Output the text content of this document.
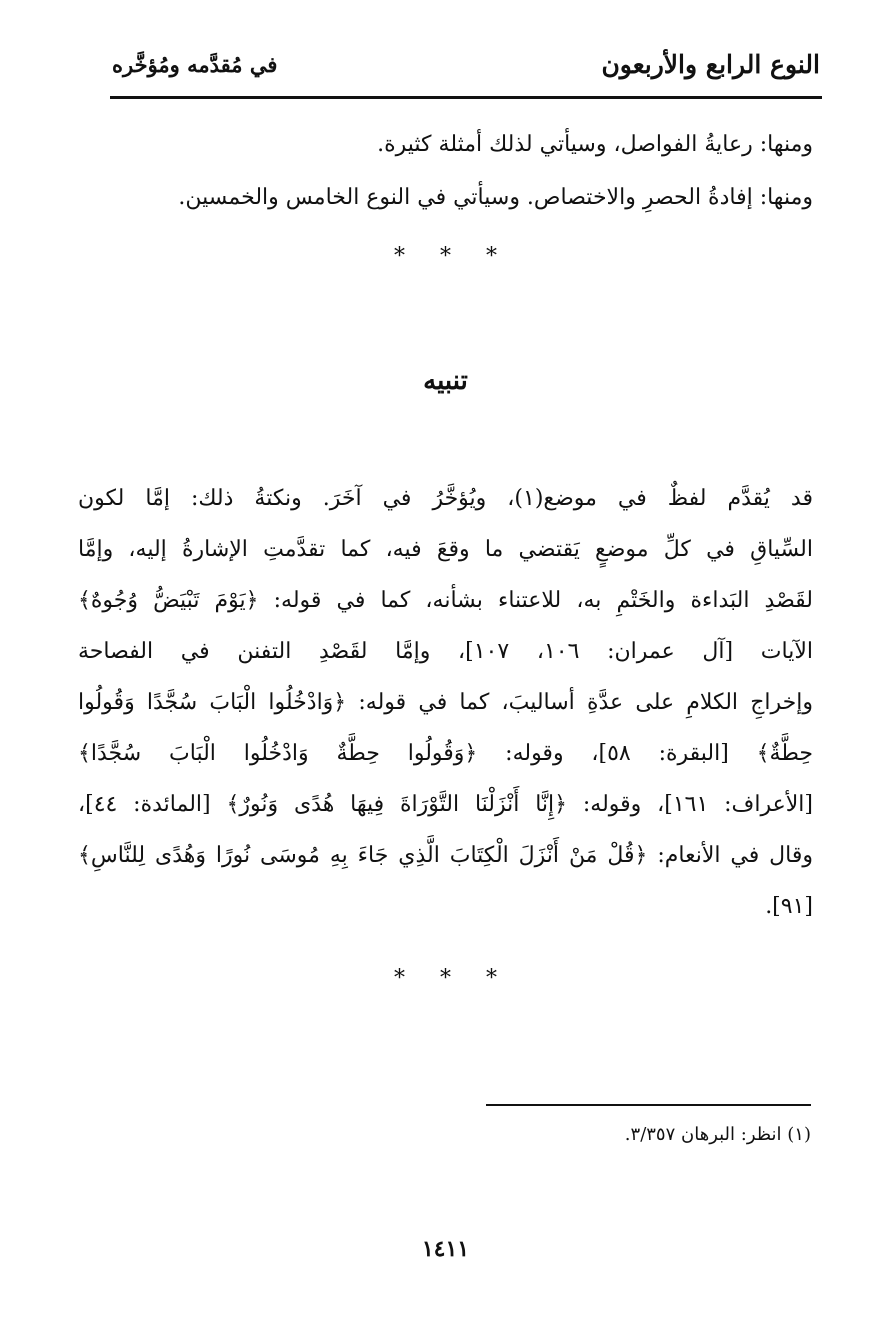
النوع الرابع والأربعون
في مُقدَّمه ومُؤخَّره
ومنها: رعايةُ الفواصل، وسيأتي لذلك أمثلة كثيرة.
ومنها: إفادةُ الحصرِ والاختصاص. وسيأتي في النوع الخامس والخمسين.
* * *
تنبيه
قد يُقدَّم لفظٌ في موضع(١)، ويُؤخَّرُ في آخَرَ. ونكتةُ ذلك: إمَّا لكون
السِّياقِ في كلِّ موضعٍ يَقتضي ما وقعَ فيه، كما تقدَّمتِ الإشارةُ إليه، وإمَّا
لقَصْدِ البَداءة والخَتْمِ به، للاعتناء بشأنه، كما في قوله: ﴿يَوْمَ تَبْيَضُّ وُجُوهٌ﴾
الآيات [آل عمران: ١٠٦، ١٠٧]، وإمَّا لقَصْدِ التفنن في الفصاحة
وإخراجِ الكلامِ على عدَّةِ أساليبَ، كما في قوله: ﴿وَادْخُلُوا الْبَابَ سُجَّدًا وَقُولُوا
حِطَّةٌ﴾ [البقرة: ٥٨]، وقوله: ﴿وَقُولُوا حِطَّةٌ وَادْخُلُوا الْبَابَ سُجَّدًا﴾
[الأعراف: ١٦١]، وقوله: ﴿إِنَّا أَنْزَلْنَا التَّوْرَاةَ فِيهَا هُدًى وَنُورٌ﴾ [المائدة: ٤٤]،
وقال في الأنعام: ﴿قُلْ مَنْ أَنْزَلَ الْكِتَابَ الَّذِي جَاءَ بِهِ مُوسَى نُورًا وَهُدًى لِلنَّاسِ﴾
[٩١].
* * *
(١) انظر: البرهان ٣/٣٥٧.
١٤١١
